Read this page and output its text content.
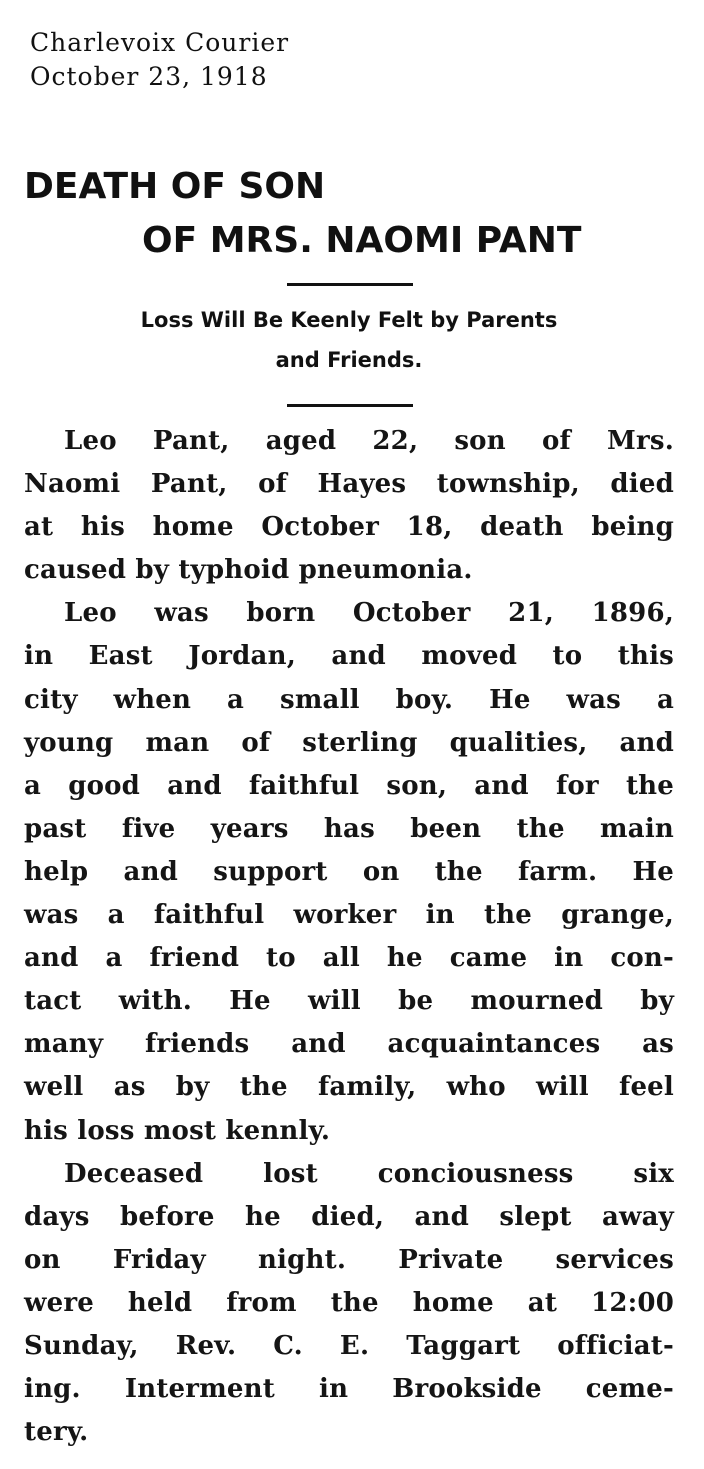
Charlevoix Courier
October 23, 1918
DEATH OF SON
OF MRS. NAOMI PANT
Loss Will Be Keenly Felt by Parents
and Friends.

Leo Pant, aged 22, son of Mrs.
Naomi Pant, of Hayes township, died
at his home October 18, death being
caused by typhoid pneumonia.

Leo was born October 21, 1896,
in East Jordan, and moved to this
city when a small boy. He was a
young man of sterling qualities, and
a good and faithful son, and for the
past five years has been the main
help and support on the farm. He
was a faithful worker in the grange,
and a friend to all he came in con-
tact with. He will be mourned by
many friends and acquaintances as
well as by the family, who will feel
his loss most kennly.

Deceased lost conciousness six
days before he died, and slept away
on Friday night. Private services
were held from the home at 12:00
Sunday, Rev. C. E. Taggart officiat-
ing. Interment in Brookside ceme-
tery.
